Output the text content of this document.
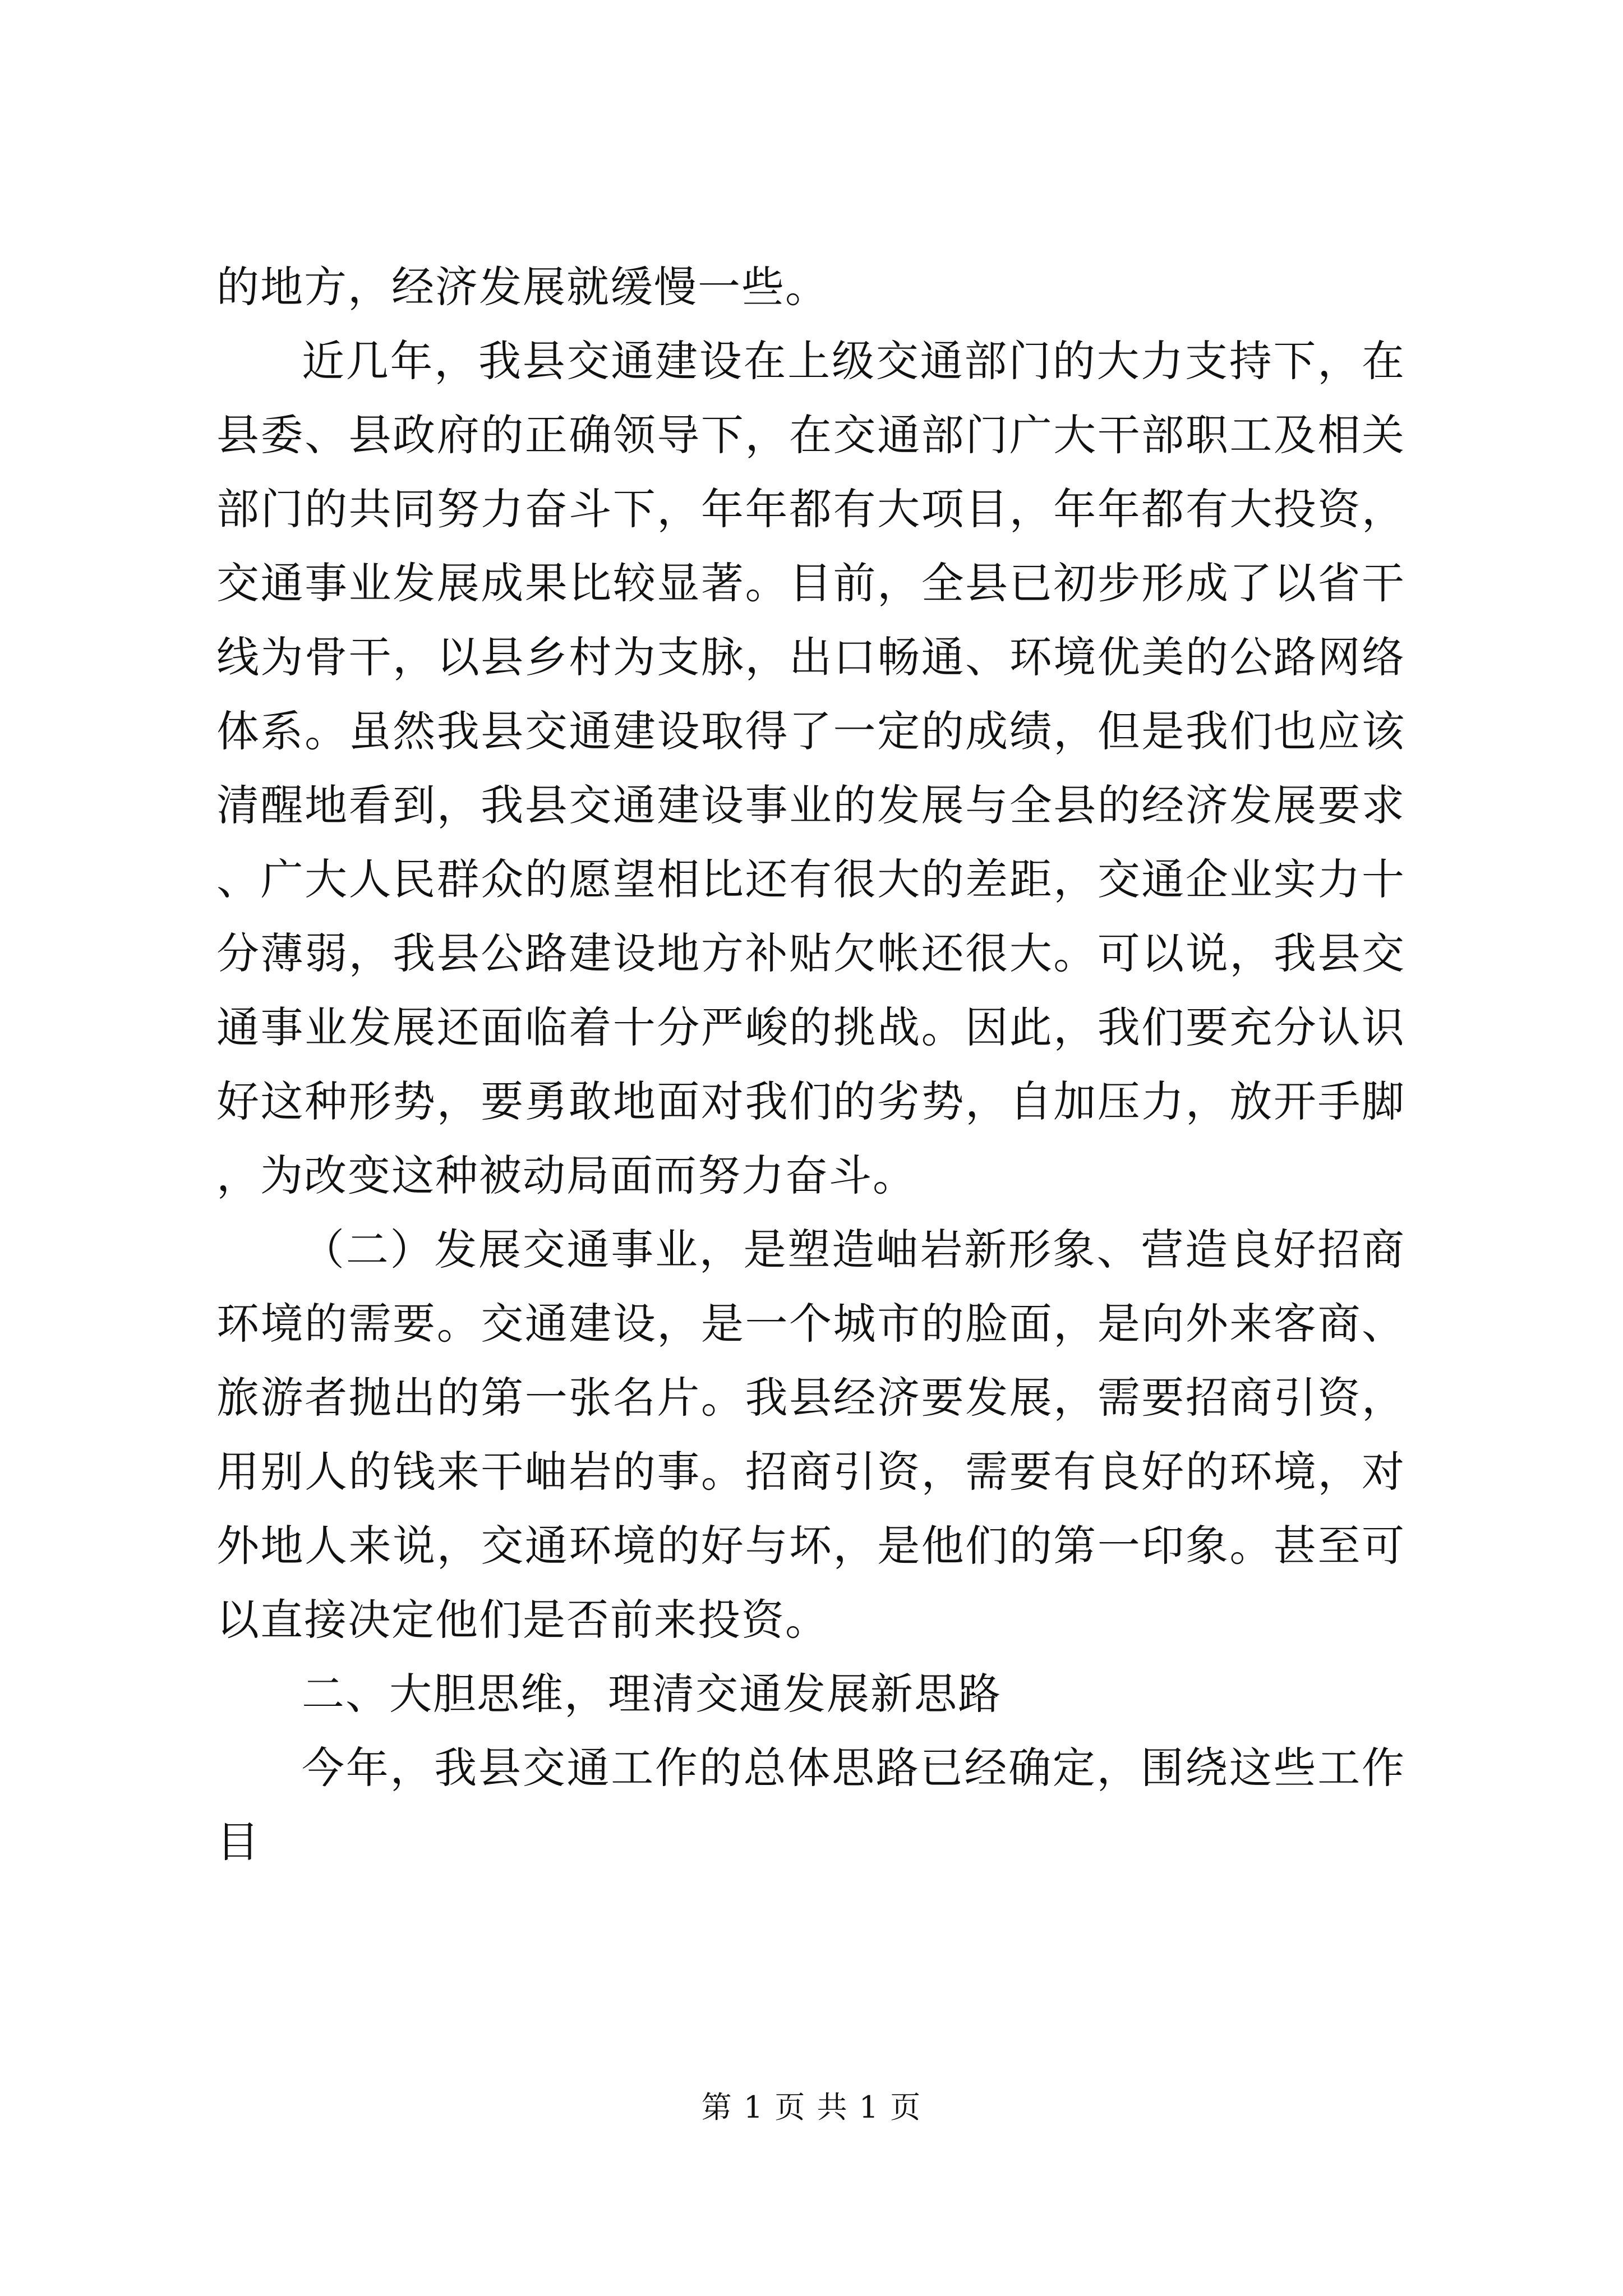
的地方，经济发展就缓慢一些。

近几年，我县交通建设在上级交通部门的大力支持下，在县委、县政府的正确领导下，在交通部门广大干部职工及相关部门的共同努力奋斗下，年年都有大项目，年年都有大投资，交通事业发展成果比较显著。目前，全县已初步形成了以省干线为骨干，以县乡村为支脉，出口畅通、环境优美的公路网络体系。虽然我县交通建设取得了一定的成绩，但是我们也应该清醒地看到，我县交通建设事业的发展与全县的经济发展要求、广大人民群众的愿望相比还有很大的差距，交通企业实力十分薄弱，我县公路建设地方补贴欠帐还很大。可以说，我县交通事业发展还面临着十分严峻的挑战。因此，我们要充分认识好这种形势，要勇敢地面对我们的劣势，自加压力，放开手脚，为改变这种被动局面而努力奋斗。

（二）发展交通事业，是塑造岫岩新形象、营造良好招商环境的需要。交通建设，是一个城市的脸面，是向外来客商、旅游者抛出的第一张名片。我县经济要发展，需要招商引资，用别人的钱来干岫岩的事。招商引资，需要有良好的环境，对外地人来说，交通环境的好与坏，是他们的第一印象。甚至可以直接决定他们是否前来投资。

二、大胆思维，理清交通发展新思路

今年，我县交通工作的总体思路已经确定，围绕这些工作目

第 1 页 共 1 页
